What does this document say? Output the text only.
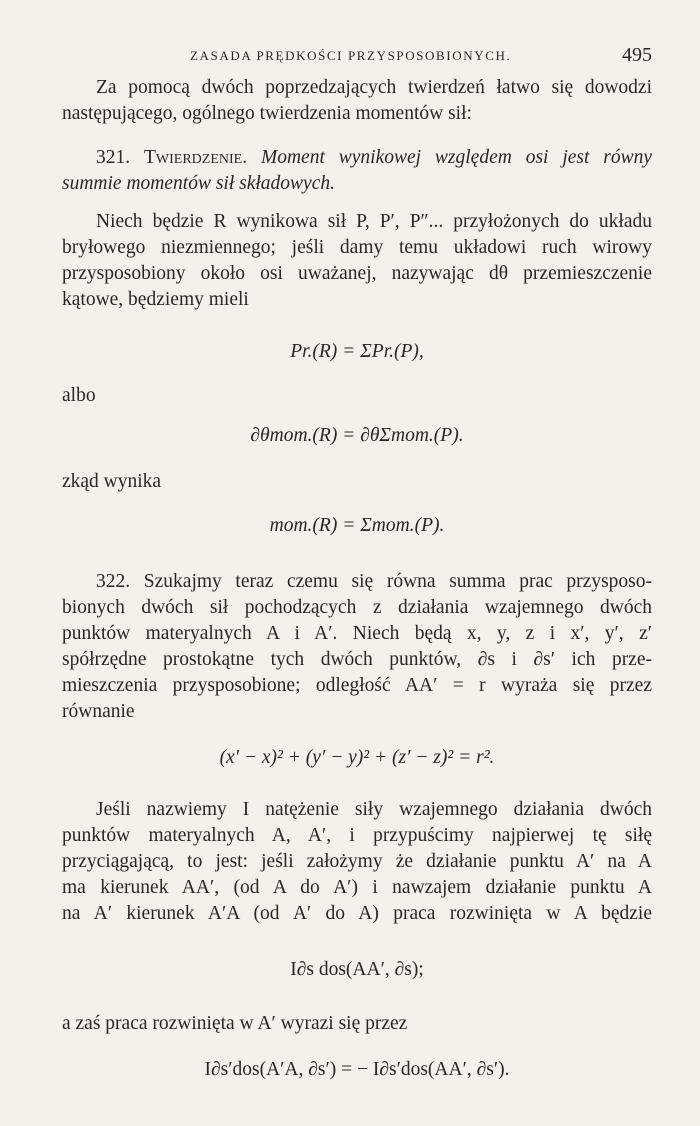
ZASADA PRĘDKOŚCI PRZYSPOSOBIONYCH.	495
Za pomocą dwóch poprzedzających twierdzeń łatwo się dowodzi
następującego, ogólnego twierdzenia momentów sił:
321. Twierdzenie. Moment wynikowej względem osi jest równy
summie momentów sił składowych.
Niech będzie R wynikowa sił P, P′, P″... przyłożonych do układu
bryłowego niezmiennego; jeśli damy temu układowi ruch wirowy
przysposobiony około osi uważanej, nazywając dθ przemieszczenie
kątowe, będziemy mieli
Pr.(R) = ΣPr.(P),
albo
∂θmom.(R) = ∂θΣmom.(P).
zkąd wynika
mom.(R) = Σmom.(P).
322. Szukajmy teraz czemu się równa summa prac przysposo-
bionych dwóch sił pochodzących z działania wzajemnego dwóch
punktów materyalnych A i A′. Niech będą x, y, z i x′, y′, z′
spółrzędne prostokątne tych dwóch punktów, ∂s i ∂s′ ich prze-
mieszczenia przysposobione; odległość AA′ = r wyraża się przez
równanie
(x′ − x)² + (y′ − y)² + (z′ − z)² = r².
Jeśli nazwiemy I natężenie siły wzajemnego działania dwóch
punktów materyalnych A, A′, i przypuścimy najpierwej tę siłę
przyciągającą, to jest: jeśli założymy że działanie punktu A′ na A
ma kierunek AA′, (od A do A′) i nawzajem działanie punktu A
na A′ kierunek A′A (od A′ do A) praca rozwinięta w A będzie
I∂s dos(AA′, ∂s);
a zaś praca rozwinięta w A′ wyrazi się przez
I∂s′dos(A′A, ∂s′) = − I∂s′dos(AA′, ∂s′).
